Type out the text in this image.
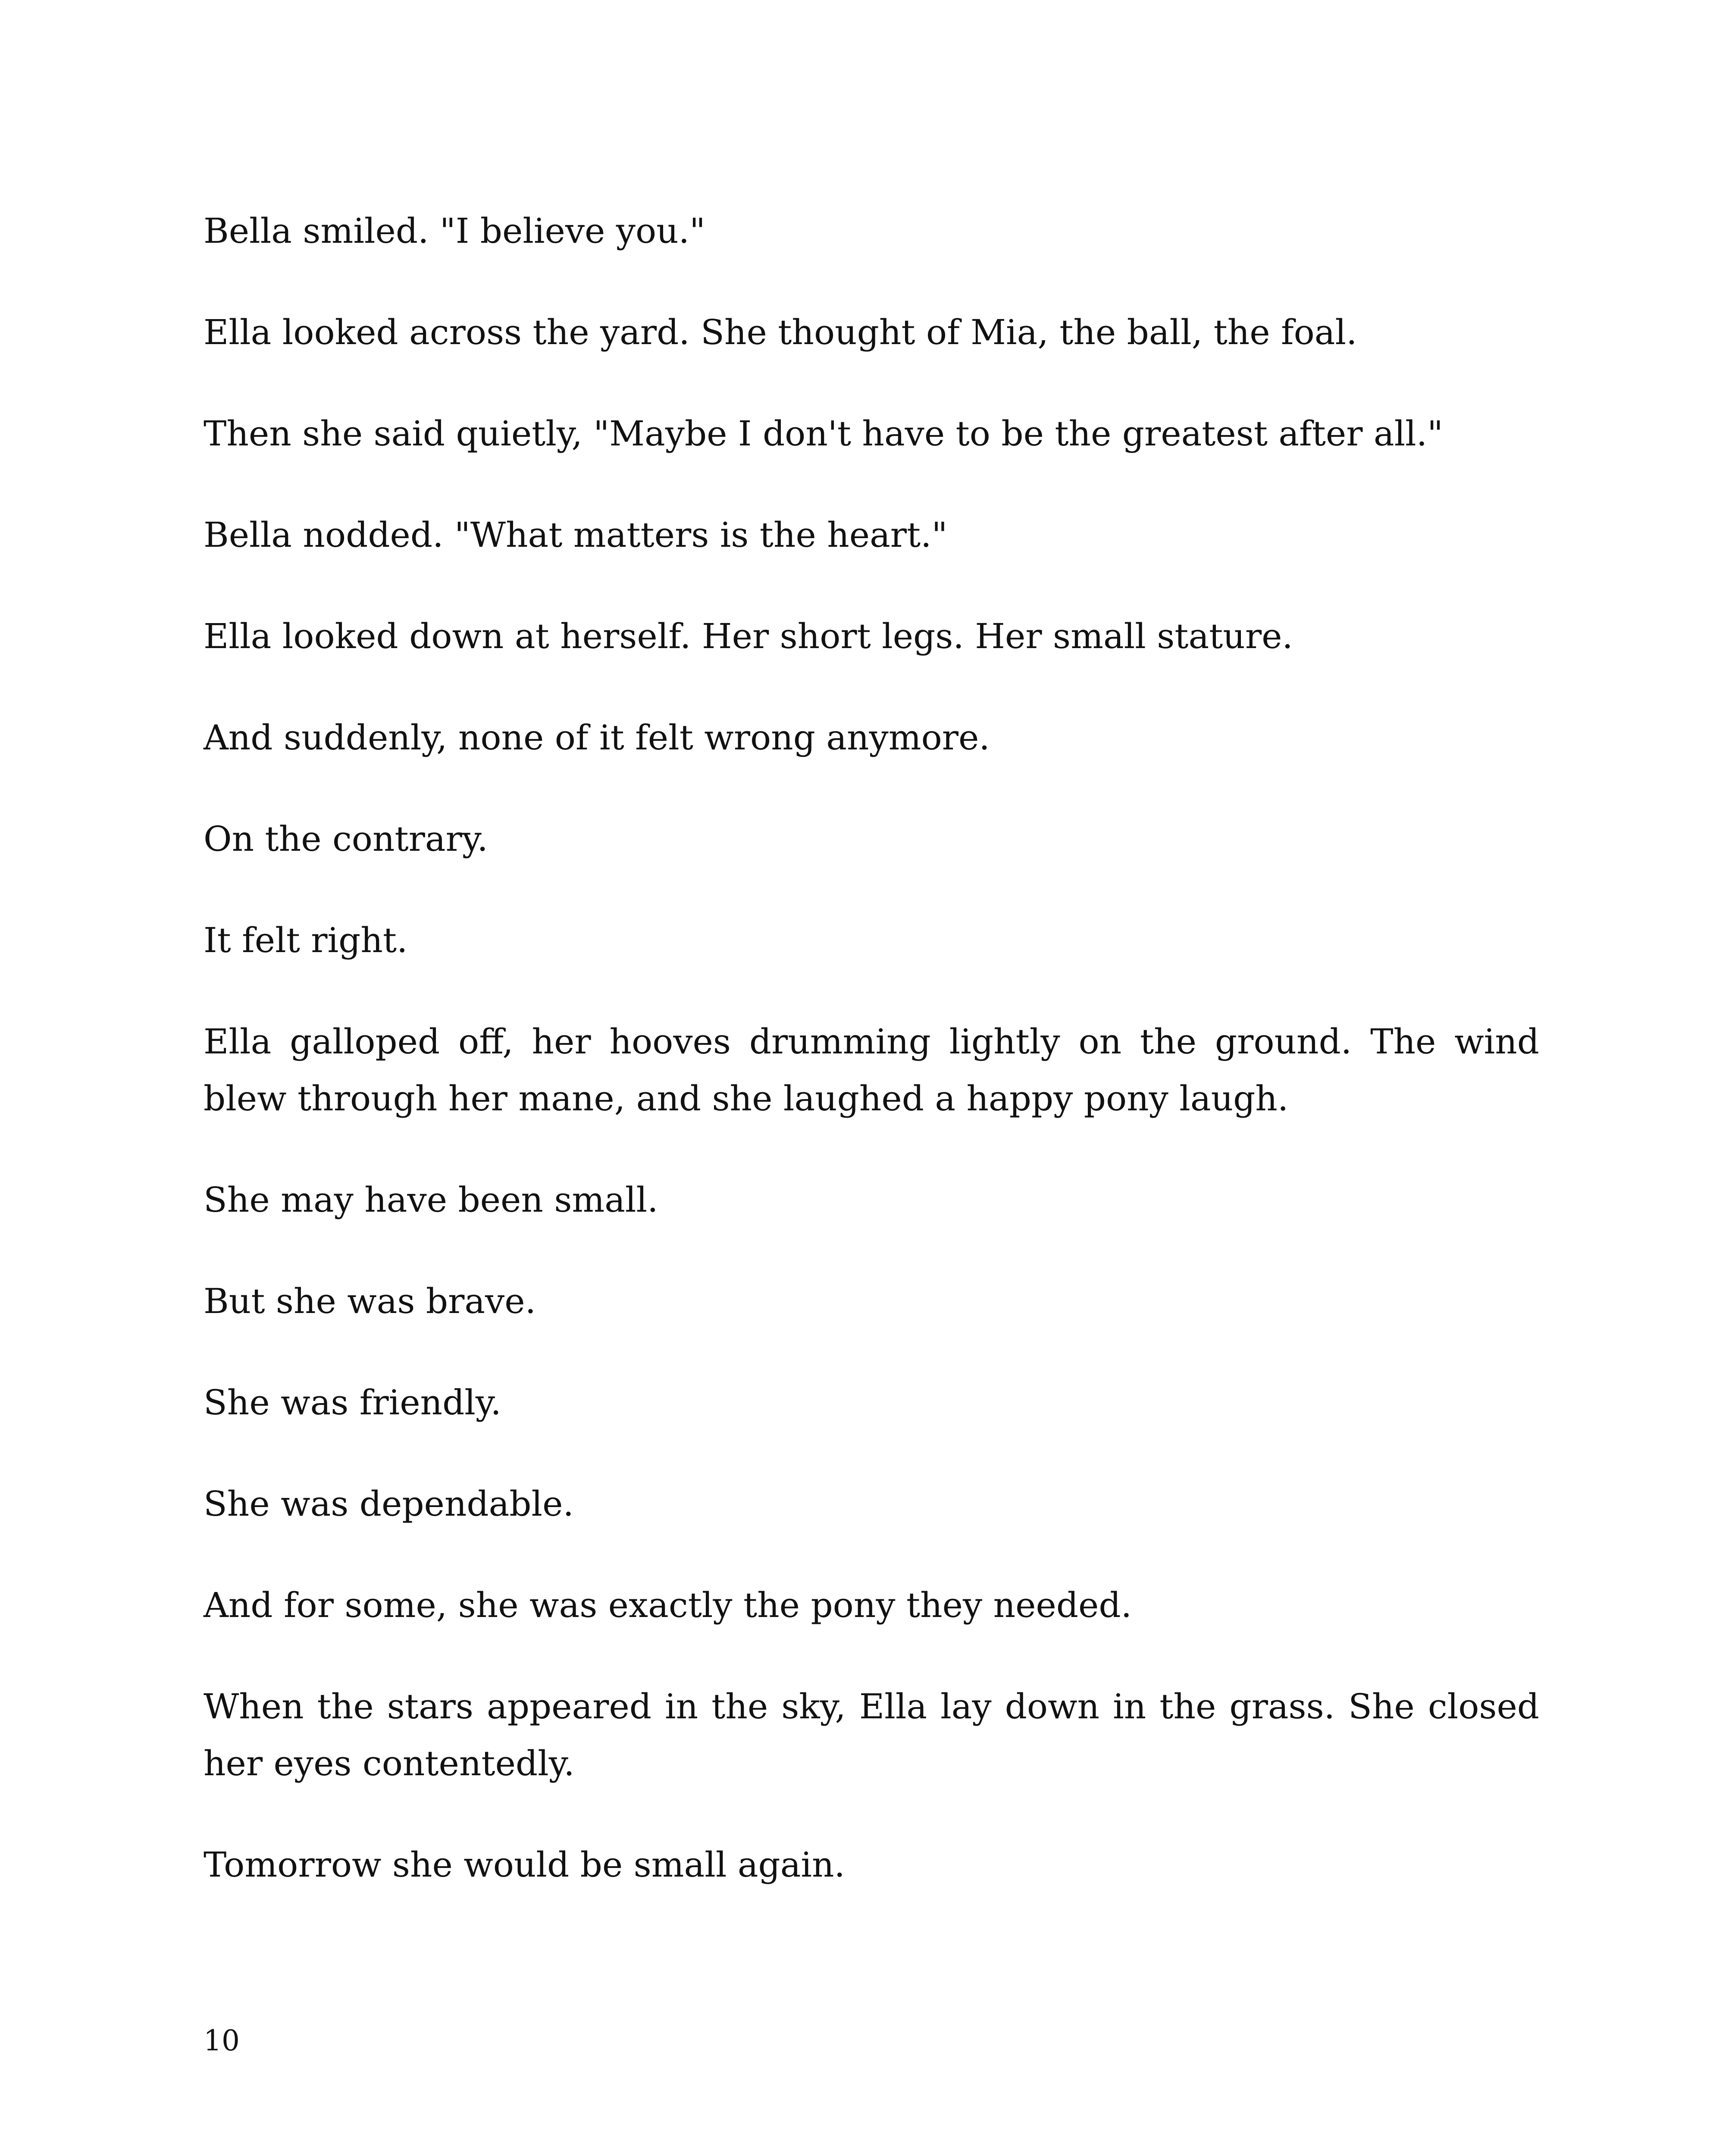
Bella smiled. "I believe you."

Ella looked across the yard. She thought of Mia, the ball, the foal.

Then she said quietly, "Maybe I don't have to be the greatest after all."

Bella nodded. "What matters is the heart."

Ella looked down at herself. Her short legs. Her small stature.

And suddenly, none of it felt wrong anymore.

On the contrary.

It felt right.

Ella galloped off, her hooves drumming lightly on the ground. The wind blew through her mane, and she laughed a happy pony laugh.

She may have been small.

But she was brave.

She was friendly.

She was dependable.

And for some, she was exactly the pony they needed.

When the stars appeared in the sky, Ella lay down in the grass. She closed her eyes contentedly.

Tomorrow she would be small again.

10
